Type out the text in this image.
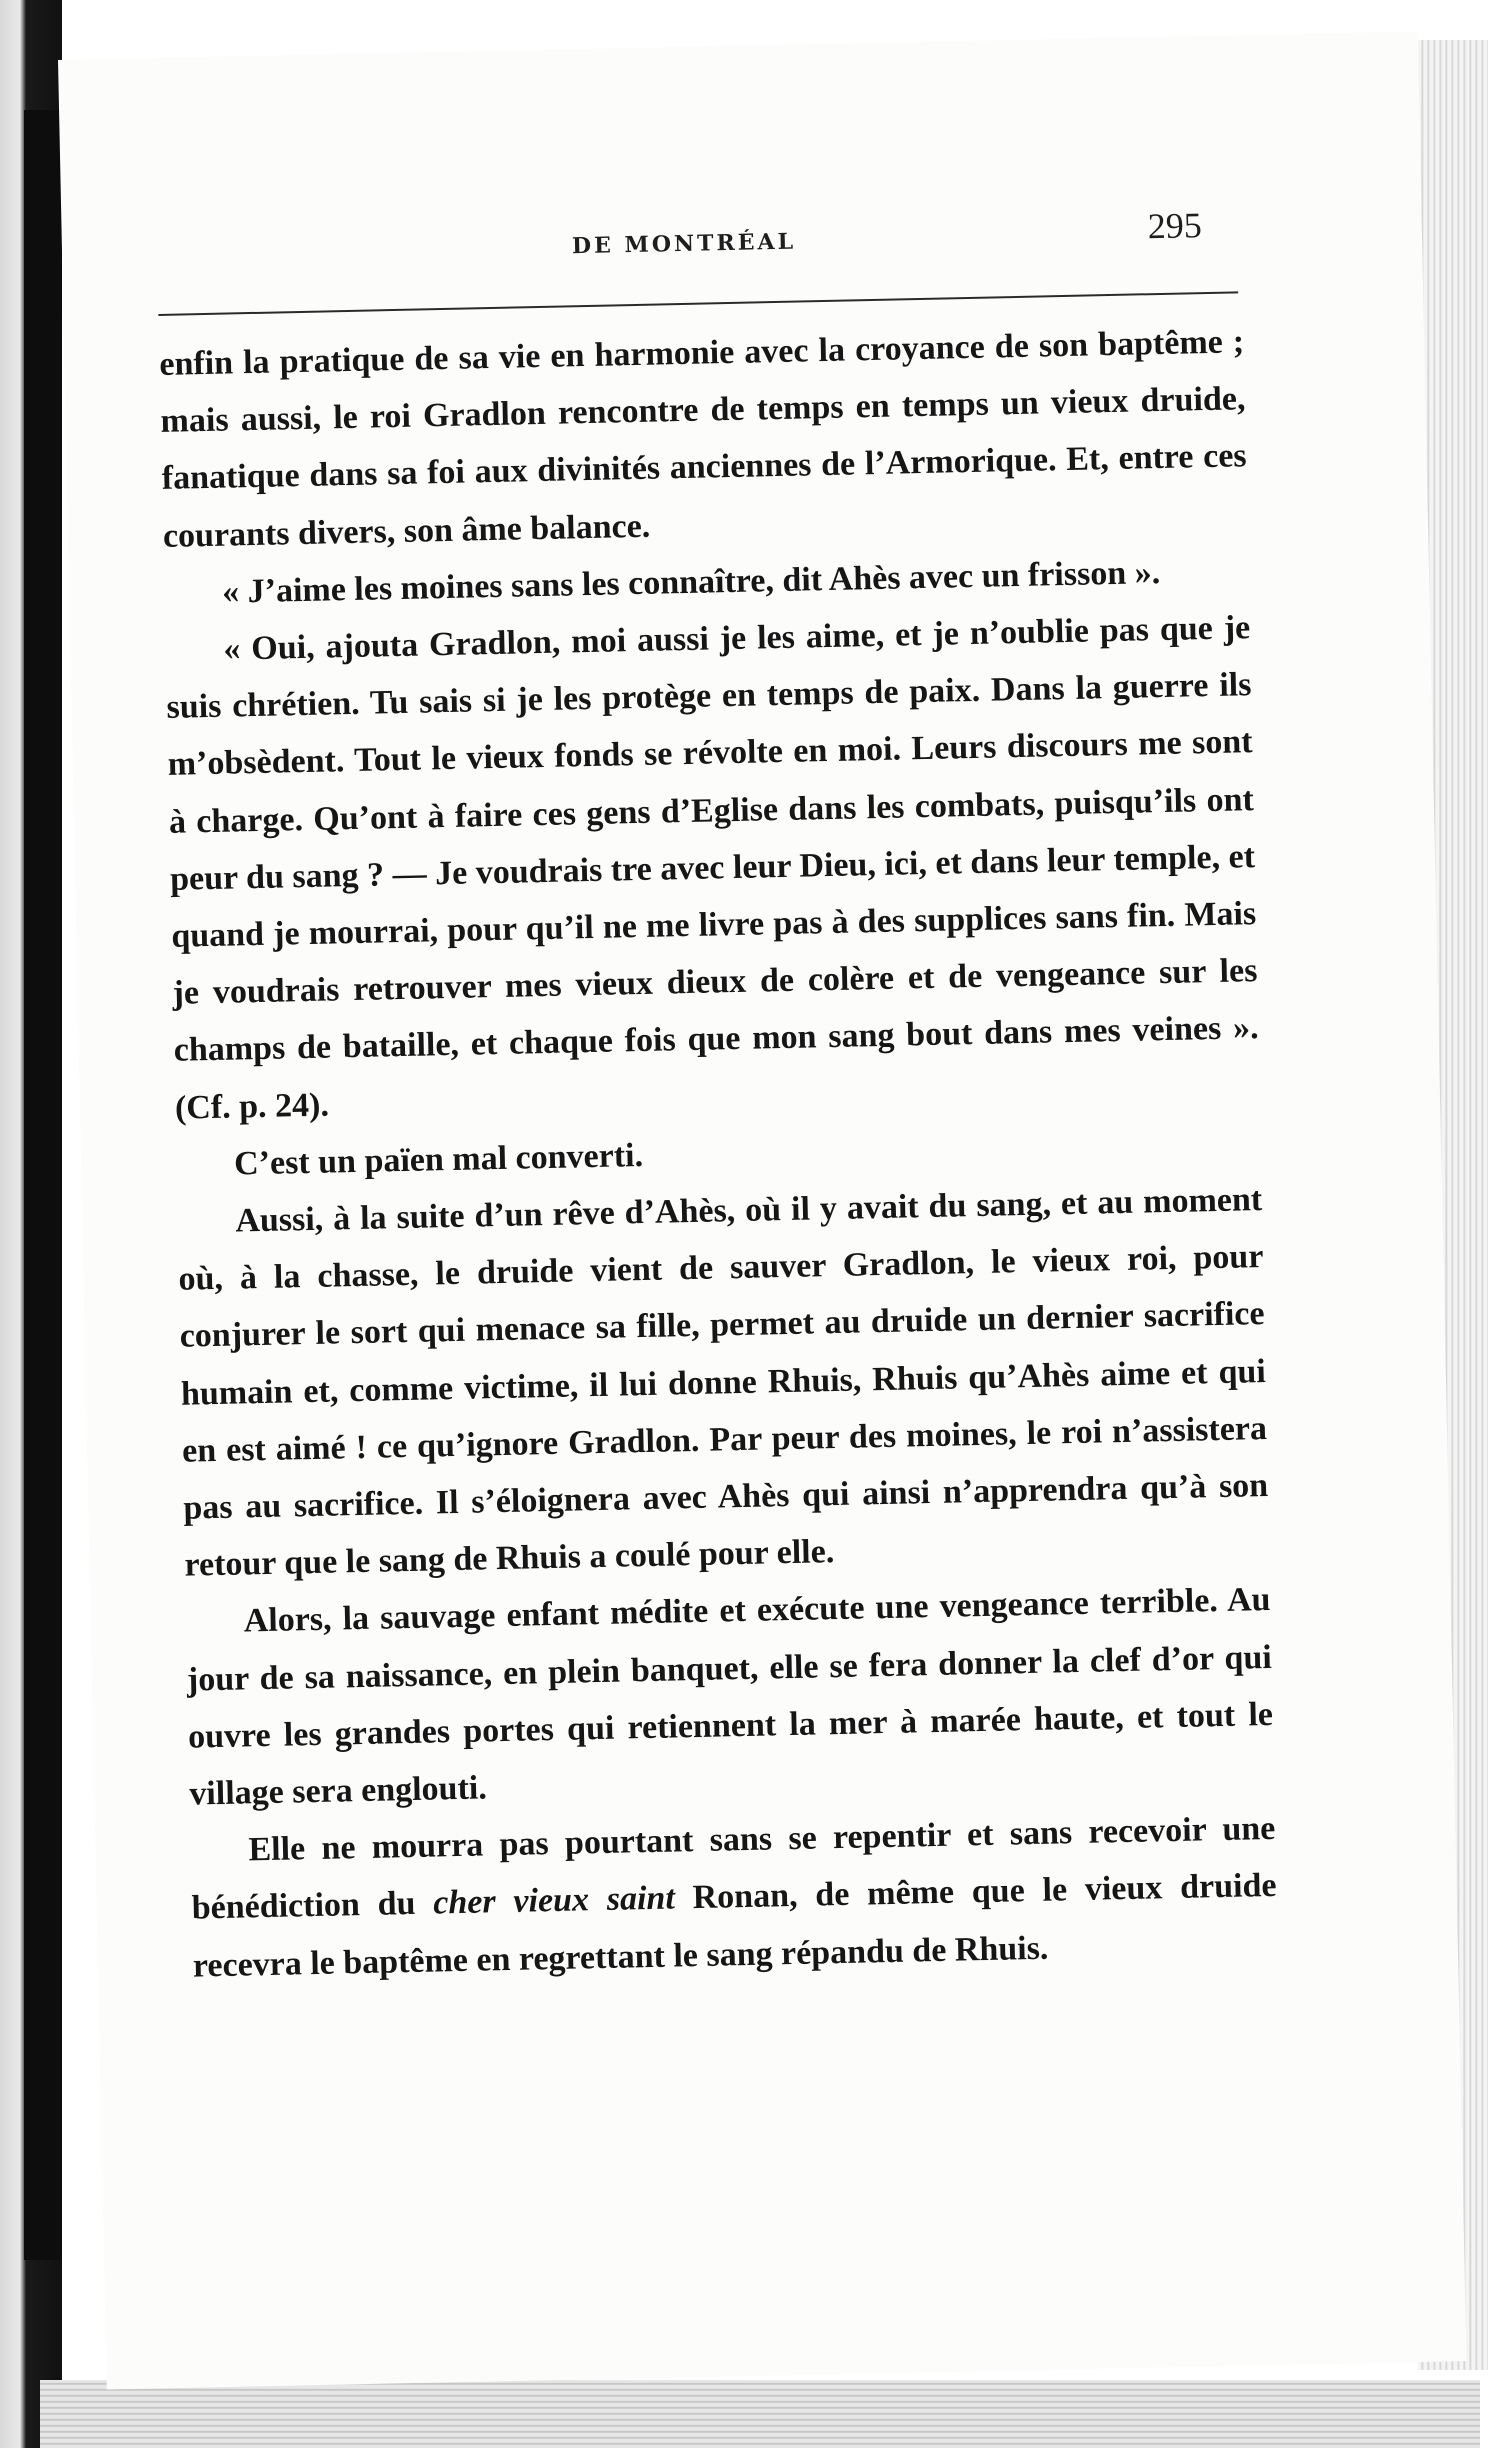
DE MONTRÉAL	295

enfin la pratique de sa vie en harmonie avec la croyance de son baptême ; mais aussi, le roi Gradlon rencontre de temps en temps un vieux druide, fanatique dans sa foi aux divinités anciennes de l’Armorique. Et, entre ces courants divers, son âme balance.

« J’aime les moines sans les connaître, dit Ahès avec un frisson ».

« Oui, ajouta Gradlon, moi aussi je les aime, et je n’oublie pas que je suis chrétien. Tu sais si je les protège en temps de paix. Dans la guerre ils m’obsèdent. Tout le vieux fonds se révolte en moi. Leurs discours me sont à charge. Qu’ont à faire ces gens d’Eglise dans les combats, puisqu’ils ont peur du sang ? — Je voudrais tre avec leur Dieu, ici, et dans leur temple, et quand je mourrai, pour qu’il ne me livre pas à des supplices sans fin. Mais je voudrais retrouver mes vieux dieux de colère et de vengeance sur les champs de bataille, et chaque fois que mon sang bout dans mes veines ». (Cf. p. 24).

C’est un païen mal converti.

Aussi, à la suite d’un rêve d’Ahès, où il y avait du sang, et au moment où, à la chasse, le druide vient de sauver Gradlon, le vieux roi, pour conjurer le sort qui menace sa fille, permet au druide un dernier sacrifice humain et, comme victime, il lui donne Rhuis, Rhuis qu’Ahès aime et qui en est aimé ! ce qu’ignore Gradlon. Par peur des moines, le roi n’assistera pas au sacrifice. Il s’éloignera avec Ahès qui ainsi n’apprendra qu’à son retour que le sang de Rhuis a coulé pour elle.

Alors, la sauvage enfant médite et exécute une vengeance terrible. Au jour de sa naissance, en plein banquet, elle se fera donner la clef d’or qui ouvre les grandes portes qui retiennent la mer à marée haute, et tout le village sera englouti.

Elle ne mourra pas pourtant sans se repentir et sans recevoir une bénédiction du cher vieux saint Ronan, de même que le vieux druide recevra le baptême en regrettant le sang répandu de Rhuis.
